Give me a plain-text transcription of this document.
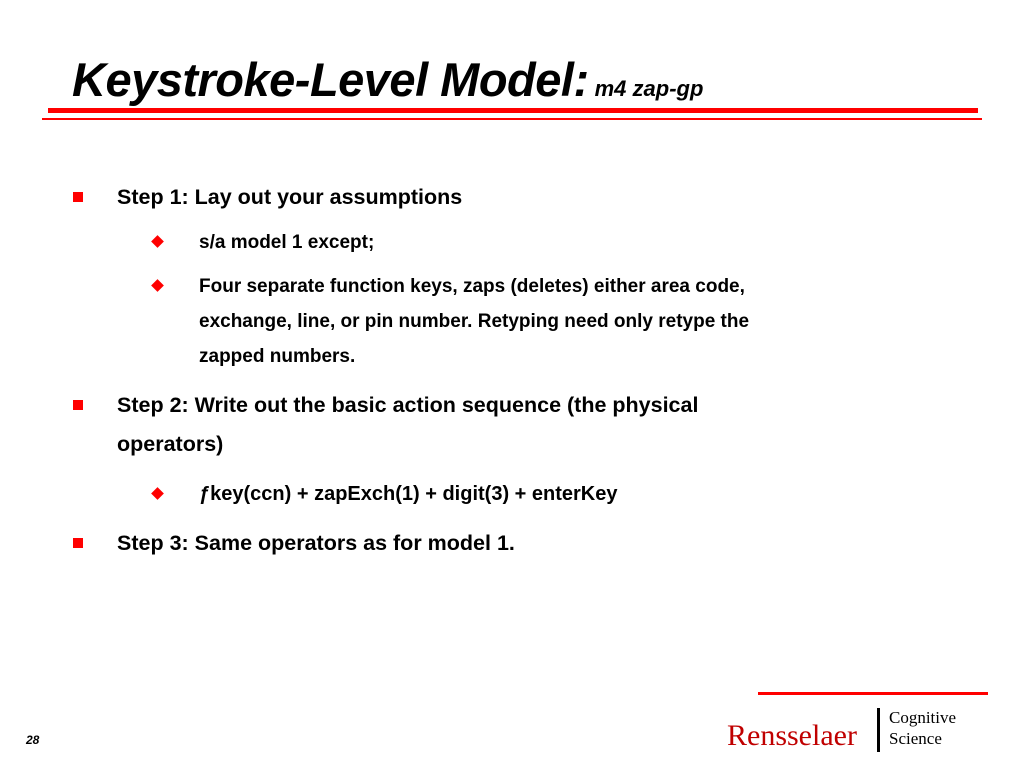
Keystroke-Level Model: m4 zap-gp
Step 1: Lay out your assumptions
s/a model 1 except;
Four separate function keys, zaps (deletes) either area code,
exchange, line, or pin number. Retyping need only retype the
zapped numbers.
Step 2: Write out the basic action sequence (the physical
operators)
ƒkey(ccn) + zapExch(1) + digit(3) + enterKey
Step 3: Same operators as for model 1.
28	Rensselaer
Cognitive
Science
